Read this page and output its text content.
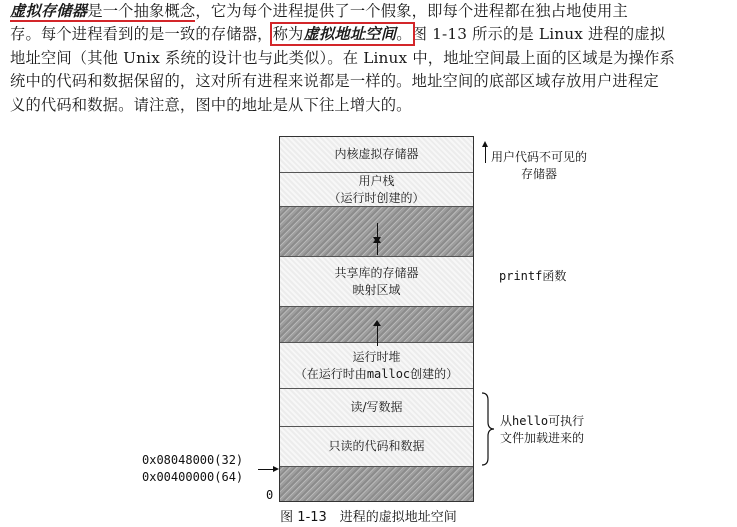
虚拟存储器是一个抽象概念，它为每个进程提供了一个假象，即每个进程都在独占地使用主
存。每个进程看到的是一致的存储器，称为虚拟地址空间。图 1-13 所示的是 Linux 进程的虚拟
地址空间（其他 Unix 系统的设计也与此类似）。在 Linux 中，地址空间最上面的区域是为操作系
统中的代码和数据保留的，这对所有进程来说都是一样的。地址空间的底部区域存放用户进程定
义的代码和数据。请注意，图中的地址是从下往上增大的。
内核虚拟存储器
用户栈
（运行时创建的）
共享库的存储器
映射区域
运行时堆
（在运行时由malloc创建的）
读/写数据
只读的代码和数据
用户代码不可见的
存储器
printf函数
从hello可执行
文件加载进来的
0x08048000(32)
0x00400000(64)
0
图 1-13　进程的虚拟地址空间
